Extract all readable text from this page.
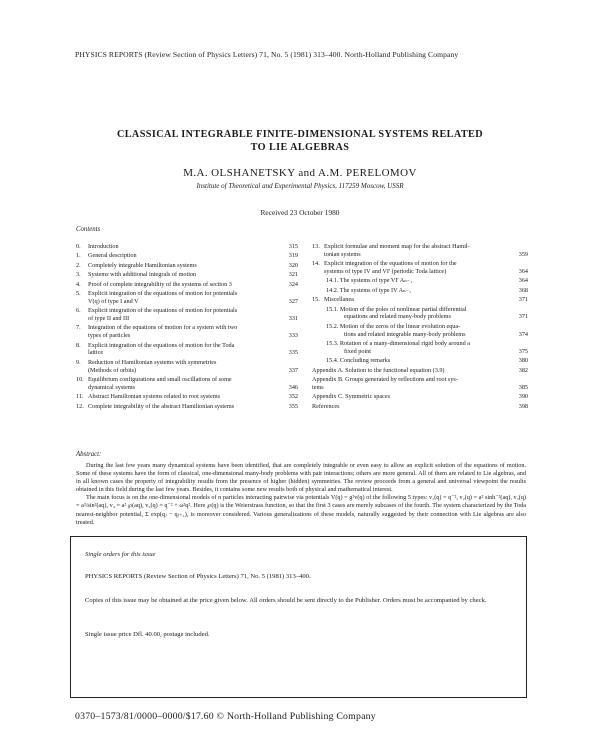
PHYSICS REPORTS (Review Section of Physics Letters) 71, No. 5 (1981) 313–400. North-Holland Publishing Company
CLASSICAL INTEGRABLE FINITE-DIMENSIONAL SYSTEMS RELATED
TO LIE ALGEBRAS
M.A. OLSHANETSKY and A.M. PERELOMOV
Institute of Theoretical and Experimental Physics, 117259 Moscow, USSR
Received 23 October 1980
Contents
0. Introduction	315
1. General description	319
2. Completely integrable Hamiltonian systems	320
3. Systems with additional integrals of motion	321
4. Proof of complete integrability of the systems of section 3	324
5. Explicit integration of the equations of motion for potentials
V(q) of type I and V	327
6. Explicit integration of the equations of motion for potentials
of type II and III	331
7. Integration of the equations of motion for a system with two
types of particles	333
8. Explicit integration of the equations of motion for the Toda
lattice	335
9. Reduction of Hamiltonian systems with symmetries
(Methods of orbits)	337
10. Equilibrium configurations and small oscillations of some
dynamical systems	346
11. Abstract Hamiltonian systems related to root systems	352
12. Complete integrability of the abstract Hamiltonian systems	355
13. Explicit formulae and moment map for the abstract Hamil-
tonian systems	359
14. Explicit integration of the equations of motion for the
systems of type IV and VI' (periodic Toda lattice)	364
14.1. The systems of type VI' Aₙ₋₁	364
14.2. The systems of type IV Aₙ₋₁	368
15. Miscellanea	371
15.1. Motion of the poles of nonlinear partial differential
equations and related many-body problems	371
15.2. Motion of the zeros of the linear evolution equa-
tions and related integrable many-body problems	374
15.3. Rotation of a many-dimensional rigid body around a
fixed point	375
15.4. Concluding remarks	380
Appendix A. Solution to the functional equation (3.9)	382
Appendix B. Groups generated by reflections and root sys-
tems	385
Appendix C. Symmetric spaces	390
References	398
Abstract:

During the last few years many dynamical systems have been identified, that are completely integrable or even easy to allow an explicit solution of the equations of motion. Some of these systems have the form of classical, one-dimensional many-body problems with pair interactions; others are more general. All of them are related to Lie algebras, and in all known cases the property of integrability results from the presence of higher (hidden) symmetries. The review proceeds from a general and universal viewpoint the results obtained in this field during the last few years. Besides, it contains some new results both of physical and mathematical interest.

The main focus is on the one-dimensional models of n particles interacting pairwise via potentials V(q) = g²v(q) of the following 5 types: v₁(q) = q⁻², v₂(q) = a² sinh⁻²(aq), v₃(q) = a²/sin²(aq), v₄ = a² ℘(aq), v₅(q) = q⁻² + ω²q². Here ℘(q) is the Weierstrass function, so that the first 3 cases are merely subcases of the fourth. The system characterized by the Toda nearest-neighbor potential, Σ exp(qⱼ − qⱼ₊₁), is moreover considered. Various generalizations of these models, naturally suggested by their connection with Lie algebras are also treated.

Single orders for this issue
PHYSICS REPORTS (Review Section of Physics Letters) 71, No. 5 (1981) 313–400.
Copies of this issue may be obtained at the price given below. All orders should be sent directly to the Publisher. Orders must be accompanied by check.
Single issue price Dfl. 40.00, postage included.
0370–1573/81/0000–0000/$17.60 © North-Holland Publishing Company
